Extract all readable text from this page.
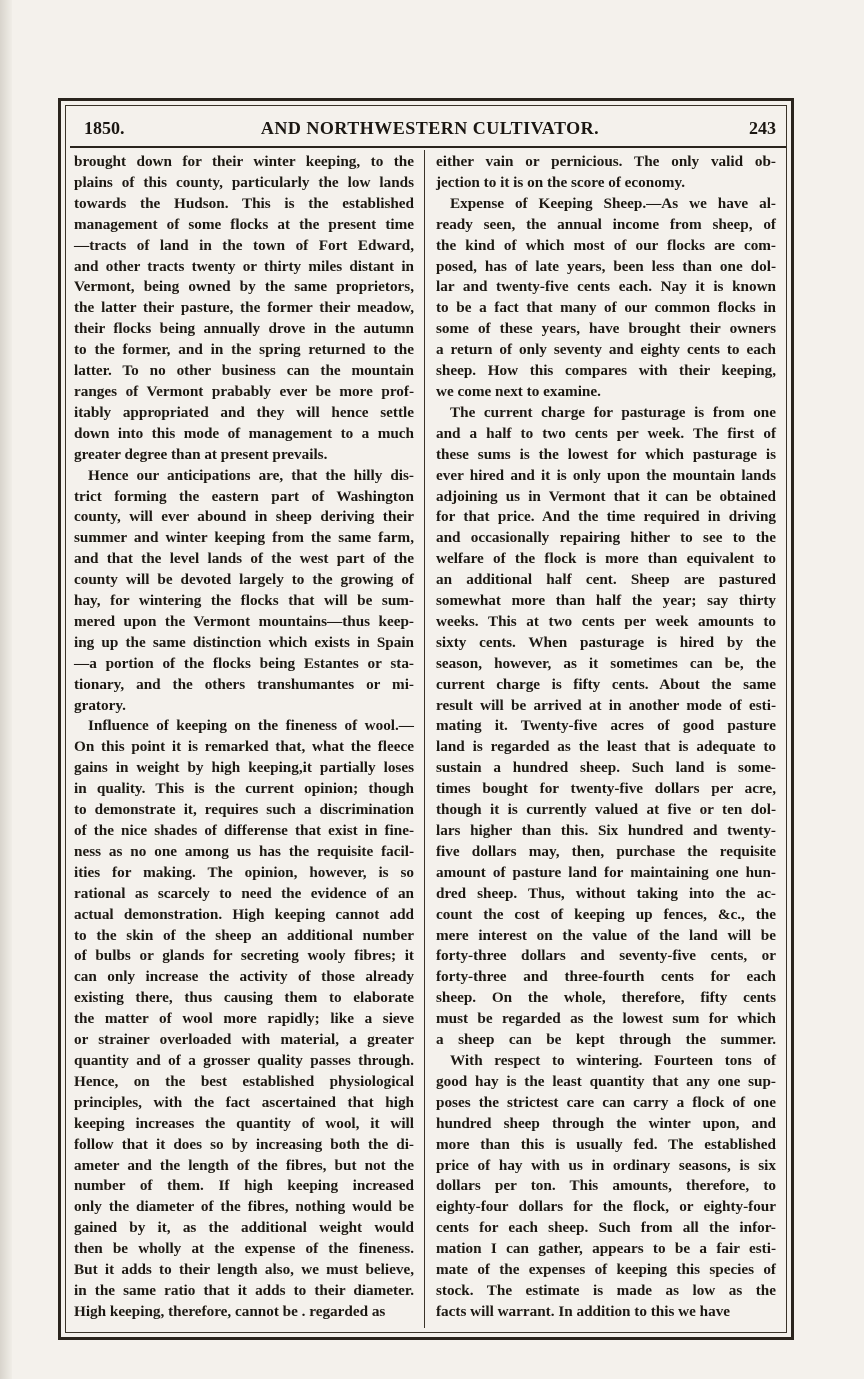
1850.	AND NORTHWESTERN CULTIVATOR.	243
brought down for their winter keeping, to the
plains of this county, particularly the low lands
towards the Hudson. This is the established
management of some flocks at the present time
—tracts of land in the town of Fort Edward,
and other tracts twenty or thirty miles distant in
Vermont, being owned by the same proprietors,
the latter their pasture, the former their meadow,
their flocks being annually drove in the autumn
to the former, and in the spring returned to the
latter. To no other business can the mountain
ranges of Vermont prabably ever be more prof-
itably appropriated and they will hence settle
down into this mode of management to a much
greater degree than at present prevails.
Hence our anticipations are, that the hilly dis-
trict forming the eastern part of Washington
county, will ever abound in sheep deriving their
summer and winter keeping from the same farm,
and that the level lands of the west part of the
county will be devoted largely to the growing of
hay, for wintering the flocks that will be sum-
mered upon the Vermont mountains—thus keep-
ing up the same distinction which exists in Spain
—a portion of the flocks being Estantes or sta-
tionary, and the others transhumantes or mi-
gratory.
Influence of keeping on the fineness of wool.—
On this point it is remarked that, what the fleece
gains in weight by high keeping,it partially loses
in quality. This is the current opinion; though
to demonstrate it, requires such a discrimination
of the nice shades of differense that exist in fine-
ness as no one among us has the requisite facil-
ities for making. The opinion, however, is so
rational as scarcely to need the evidence of an
actual demonstration. High keeping cannot add
to the skin of the sheep an additional number
of bulbs or glands for secreting wooly fibres; it
can only increase the activity of those already
existing there, thus causing them to elaborate
the matter of wool more rapidly; like a sieve
or strainer overloaded with material, a greater
quantity and of a grosser quality passes through.
Hence, on the best established physiological
principles, with the fact ascertained that high
keeping increases the quantity of wool, it will
follow that it does so by increasing both the di-
ameter and the length of the fibres, but not the
number of them. If high keeping increased
only the diameter of the fibres, nothing would be
gained by it, as the additional weight would
then be wholly at the expense of the fineness.
But it adds to their length also, we must believe,
in the same ratio that it adds to their diameter.
High keeping, therefore, cannot be . regarded as
either vain or pernicious. The only valid ob-
jection to it is on the score of economy.
Expense of Keeping Sheep.—As we have al-
ready seen, the annual income from sheep, of
the kind of which most of our flocks are com-
posed, has of late years, been less than one dol-
lar and twenty-five cents each. Nay it is known
to be a fact that many of our common flocks in
some of these years, have brought their owners
a return of only seventy and eighty cents to each
sheep. How this compares with their keeping,
we come next to examine.
The current charge for pasturage is from one
and a half to two cents per week. The first of
these sums is the lowest for which pasturage is
ever hired and it is only upon the mountain lands
adjoining us in Vermont that it can be obtained
for that price. And the time required in driving
and occasionally repairing hither to see to the
welfare of the flock is more than equivalent to
an additional half cent. Sheep are pastured
somewhat more than half the year; say thirty
weeks. This at two cents per week amounts to
sixty cents. When pasturage is hired by the
season, however, as it sometimes can be, the
current charge is fifty cents. About the same
result will be arrived at in another mode of esti-
mating it. Twenty-five acres of good pasture
land is regarded as the least that is adequate to
sustain a hundred sheep. Such land is some-
times bought for twenty-five dollars per acre,
though it is currently valued at five or ten dol-
lars higher than this. Six hundred and twenty-
five dollars may, then, purchase the requisite
amount of pasture land for maintaining one hun-
dred sheep. Thus, without taking into the ac-
count the cost of keeping up fences, &c., the
mere interest on the value of the land will be
forty-three dollars and seventy-five cents, or
forty-three and three-fourth cents for each
sheep. On the whole, therefore, fifty cents
must be regarded as the lowest sum for which
a sheep can be kept through the summer.
With respect to wintering. Fourteen tons of
good hay is the least quantity that any one sup-
poses the strictest care can carry a flock of one
hundred sheep through the winter upon, and
more than this is usually fed. The established
price of hay with us in ordinary seasons, is six
dollars per ton. This amounts, therefore, to
eighty-four dollars for the flock, or eighty-four
cents for each sheep. Such from all the infor-
mation I can gather, appears to be a fair esti-
mate of the expenses of keeping this species of
stock. The estimate is made as low as the
facts will warrant. In addition to this we have
